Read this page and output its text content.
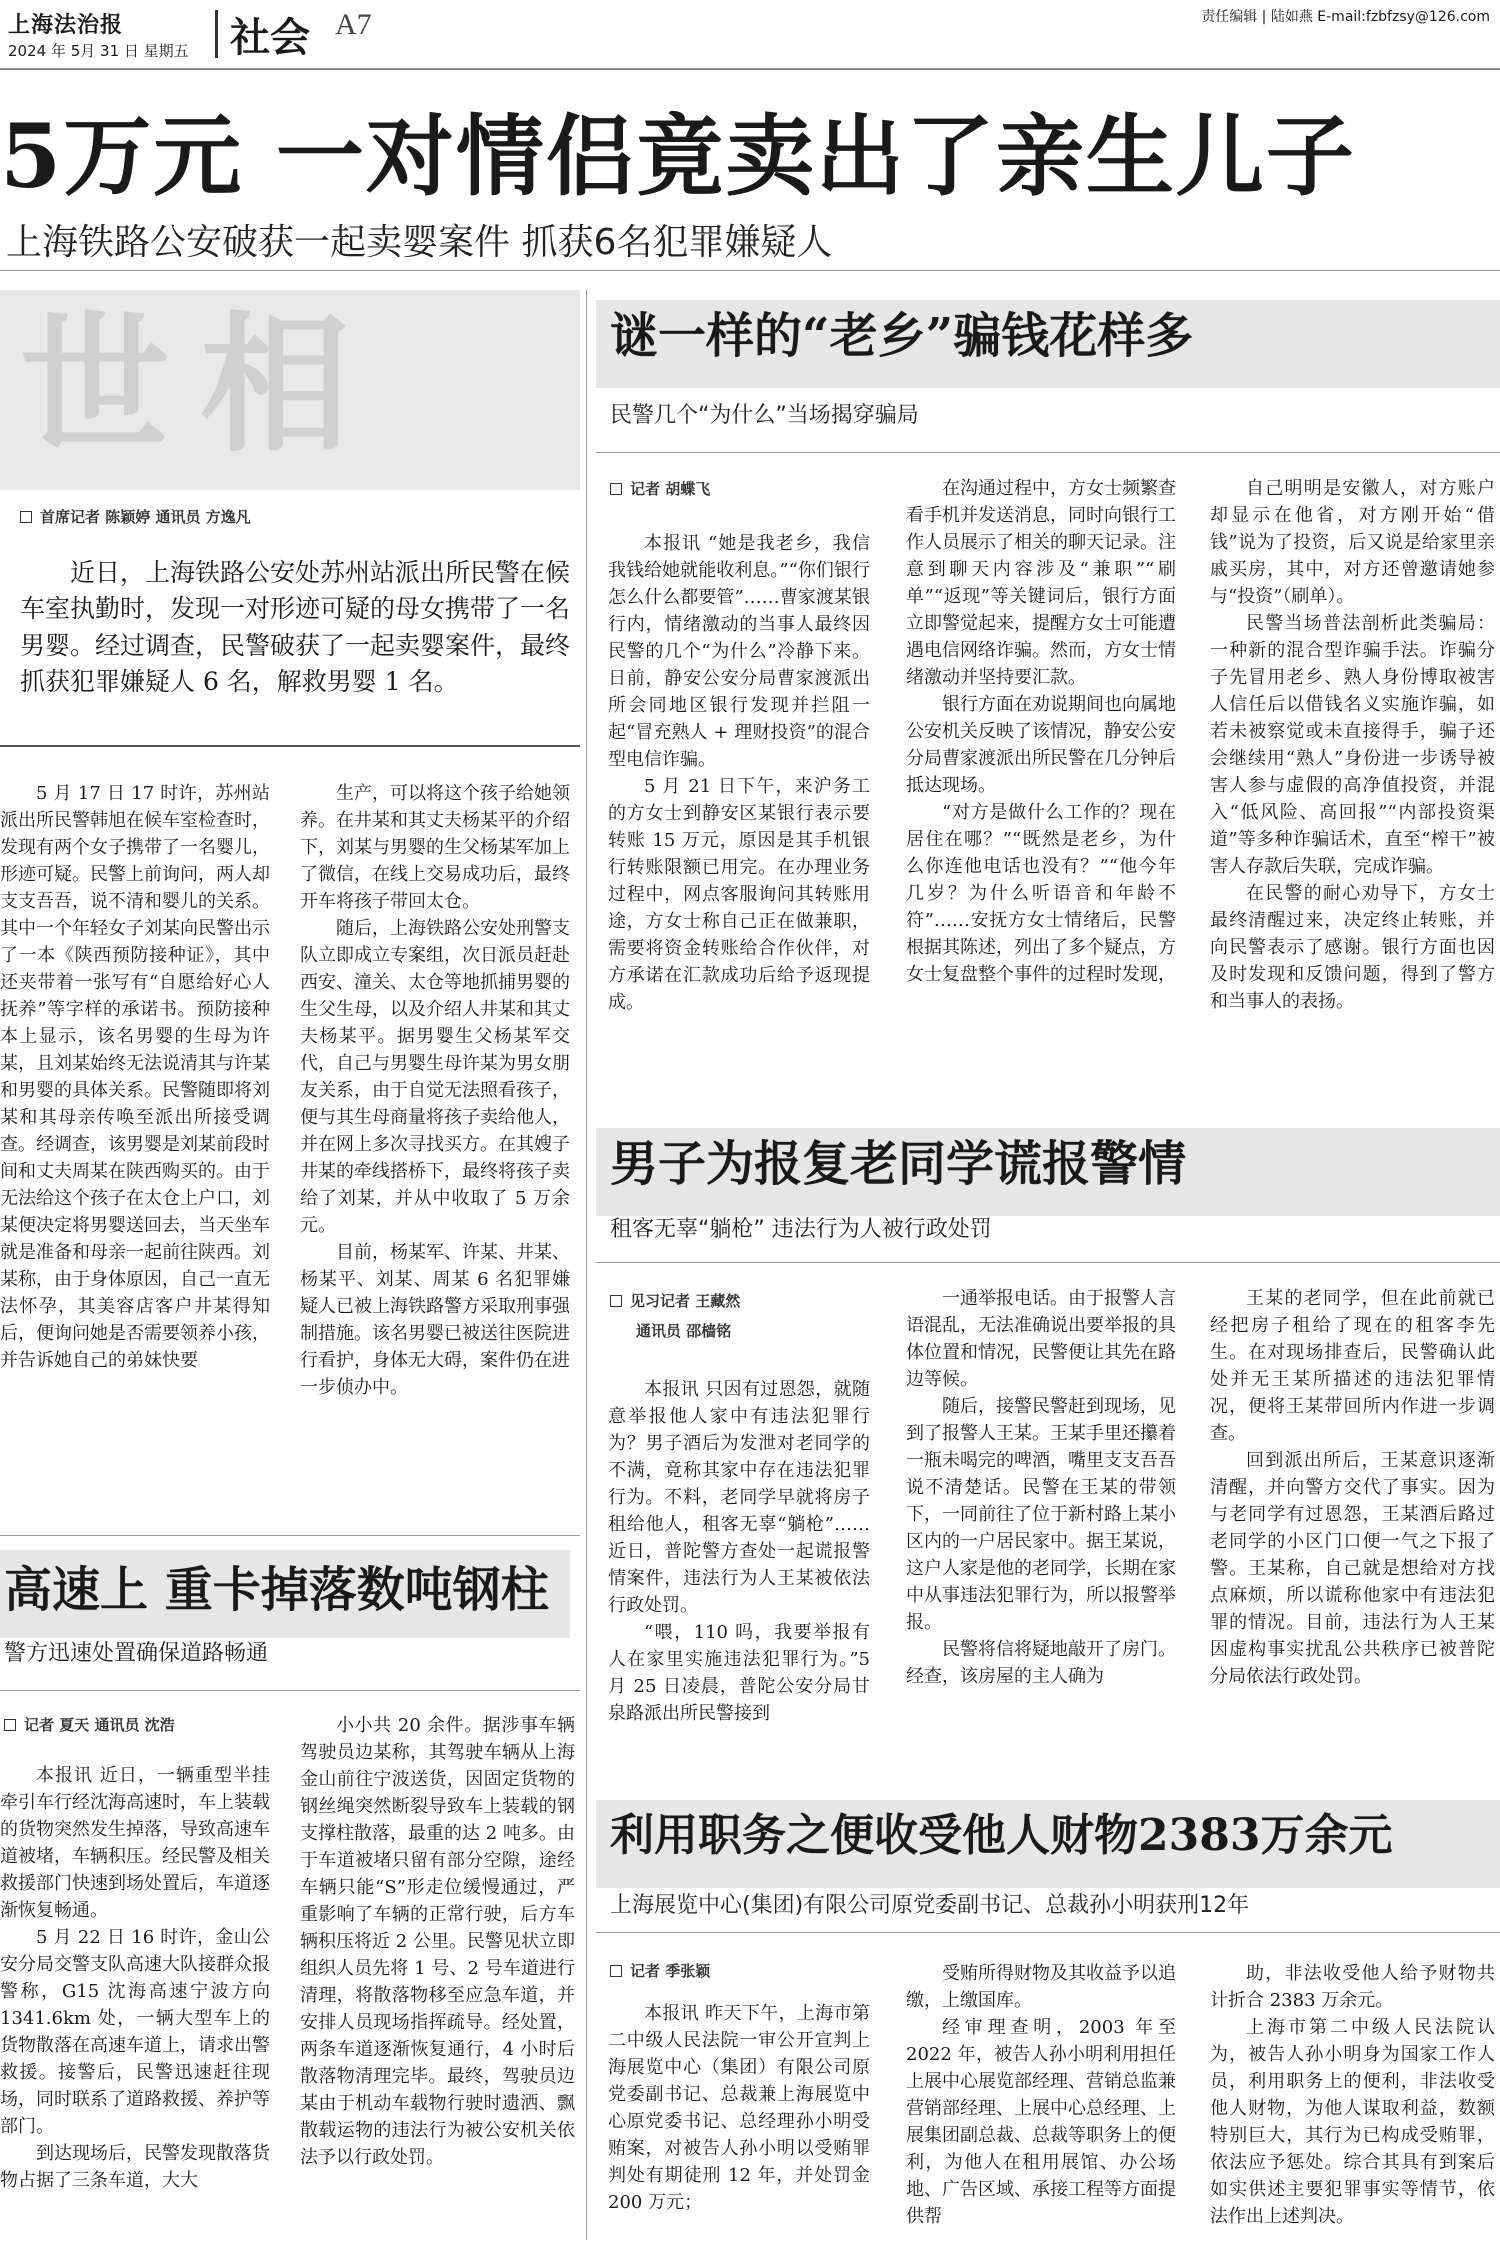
上海法治报
2024 年 5月 31 日 星期五 社会 A7	责任编辑 | 陆如燕 E-mail:fzbfzsy@126.com
5万元 一对情侣竟卖出了亲生儿子
上海铁路公安破获一起卖婴案件 抓获6名犯罪嫌疑人
世相
首席记者 陈颖婷 通讯员 方逸凡
近日，上海铁路公安处苏州站派出所民警在候车室执勤时，发现一对形迹可疑的母女携带了一名男婴。经过调查，民警破获了一起卖婴案件，最终抓获犯罪嫌疑人 6 名，解救男婴 1 名。

5 月 17 日 17 时许，苏州站派出所民警韩旭在候车室检查时，发现有两个女子携带了一名婴儿，形迹可疑。民警上前询问，两人却支支吾吾，说不清和婴儿的关系。其中一个年轻女子刘某向民警出示了一本《陕西预防接种证》，其中还夹带着一张写有“自愿给好心人抚养”等字样的承诺书。预防接种本上显示，该名男婴的生母为许某，且刘某始终无法说清其与许某和男婴的具体关系。民警随即将刘某和其母亲传唤至派出所接受调查。经调查，该男婴是刘某前段时间和丈夫周某在陕西购买的。由于无法给这个孩子在太仓上户口，刘某便决定将男婴送回去，当天坐车就是准备和母亲一起前往陕西。刘某称，由于身体原因，自己一直无法怀孕，其美容店客户井某得知后，便询问她是否需要领养小孩，并告诉她自己的弟妹快要

生产，可以将这个孩子给她领养。在井某和其丈夫杨某平的介绍下，刘某与男婴的生父杨某军加上了微信，在线上交易成功后，最终开车将孩子带回太仓。

随后，上海铁路公安处刑警支队立即成立专案组，次日派员赶赴西安、潼关、太仓等地抓捕男婴的生父生母，以及介绍人井某和其丈夫杨某平。据男婴生父杨某军交代，自己与男婴生母许某为男女朋友关系，由于自觉无法照看孩子，便与其生母商量将孩子卖给他人，并在网上多次寻找买方。在其嫂子井某的牵线搭桥下，最终将孩子卖给了刘某，并从中收取了 5 万余元。

目前，杨某军、许某、井某、杨某平、刘某、周某 6 名犯罪嫌疑人已被上海铁路警方采取刑事强制措施。该名男婴已被送往医院进行看护，身体无大碍，案件仍在进一步侦办中。

谜一样的“老乡”骗钱花样多
民警几个“为什么”当场揭穿骗局
记者 胡蝶飞

本报讯 “她是我老乡，我信我钱给她就能收利息。”“你们银行怎么什么都要管”……曹家渡某银行内，情绪激动的当事人最终因民警的几个“为什么”冷静下来。日前，静安公安分局曹家渡派出所会同地区银行发现并拦阻一起“冒充熟人 + 理财投资”的混合型电信诈骗。

5 月 21 日下午，来沪务工的方女士到静安区某银行表示要转账 15 万元，原因是其手机银行转账限额已用完。在办理业务过程中，网点客服询问其转账用途，方女士称自己正在做兼职，需要将资金转账给合作伙伴，对方承诺在汇款成功后给予返现提成。

在沟通过程中，方女士频繁查看手机并发送消息，同时向银行工作人员展示了相关的聊天记录。注意到聊天内容涉及“兼职”“刷单”“返现”等关键词后，银行方面立即警觉起来，提醒方女士可能遭遇电信网络诈骗。然而，方女士情绪激动并坚持要汇款。

银行方面在劝说期间也向属地公安机关反映了该情况，静安公安分局曹家渡派出所民警在几分钟后抵达现场。

“对方是做什么工作的？现在居住在哪？”“既然是老乡，为什么你连他电话也没有？”“他今年几岁？为什么听语音和年龄不符”……安抚方女士情绪后，民警根据其陈述，列出了多个疑点，方女士复盘整个事件的过程时发现，

自己明明是安徽人，对方账户却显示在他省，对方刚开始“借钱”说为了投资，后又说是给家里亲戚买房，其中，对方还曾邀请她参与“投资”（刷单）。

民警当场普法剖析此类骗局：一种新的混合型诈骗手法。诈骗分子先冒用老乡、熟人身份博取被害人信任后以借钱名义实施诈骗，如若未被察觉或未直接得手，骗子还会继续用“熟人”身份进一步诱导被害人参与虚假的高净值投资，并混入“低风险、高回报”“内部投资渠道”等多种诈骗话术，直至“榨干”被害人存款后失联，完成诈骗。

在民警的耐心劝导下，方女士最终清醒过来，决定终止转账，并向民警表示了感谢。银行方面也因及时发现和反馈问题，得到了警方和当事人的表扬。

男子为报复老同学谎报警情
租客无辜“躺枪” 违法行为人被行政处罚
见习记者 王藏然
通讯员 邵樯铭

本报讯 只因有过恩怨，就随意举报他人家中有违法犯罪行为？男子酒后为发泄对老同学的不满，竟称其家中存在违法犯罪行为。不料，老同学早就将房子租给他人，租客无辜“躺枪”……近日，普陀警方查处一起谎报警情案件，违法行为人王某被依法行政处罚。

“喂，110 吗，我要举报有人在家里实施违法犯罪行为。”5 月 25 日凌晨，普陀公安分局甘泉路派出所民警接到

一通举报电话。由于报警人言语混乱，无法准确说出要举报的具体位置和情况，民警便让其先在路边等候。

随后，接警民警赶到现场，见到了报警人王某。王某手里还攥着一瓶未喝完的啤酒，嘴里支支吾吾说不清楚话。民警在王某的带领下，一同前往了位于新村路上某小区内的一户居民家中。据王某说，这户人家是他的老同学，长期在家中从事违法犯罪行为，所以报警举报。

民警将信将疑地敲开了房门。经查，该房屋的主人确为

王某的老同学，但在此前就已经把房子租给了现在的租客李先生。在对现场排查后，民警确认此处并无王某所描述的违法犯罪情况，便将王某带回所内作进一步调查。

回到派出所后，王某意识逐渐清醒，并向警方交代了事实。因为与老同学有过恩怨，王某酒后路过老同学的小区门口便一气之下报了警。王某称，自己就是想给对方找点麻烦，所以谎称他家中有违法犯罪的情况。目前，违法行为人王某因虚构事实扰乱公共秩序已被普陀分局依法行政处罚。

利用职务之便收受他人财物2383万余元
上海展览中心(集团)有限公司原党委副书记、总裁孙小明获刑12年
记者 季张颖

本报讯 昨天下午，上海市第二中级人民法院一审公开宣判上海展览中心（集团）有限公司原党委副书记、总裁兼上海展览中心原党委书记、总经理孙小明受贿案，对被告人孙小明以受贿罪判处有期徒刑 12 年，并处罚金 200 万元；

受贿所得财物及其收益予以追缴，上缴国库。

经审理查明，2003 年至 2022 年，被告人孙小明利用担任上展中心展览部经理、营销总监兼营销部经理、上展中心总经理、上展集团副总裁、总裁等职务上的便利，为他人在租用展馆、办公场地、广告区域、承接工程等方面提供帮

助，非法收受他人给予财物共计折合 2383 万余元。

上海市第二中级人民法院认为，被告人孙小明身为国家工作人员，利用职务上的便利，非法收受他人财物，为他人谋取利益，数额特别巨大，其行为已构成受贿罪，依法应予惩处。综合其具有到案后如实供述主要犯罪事实等情节，依法作出上述判决。

高速上 重卡掉落数吨钢柱
警方迅速处置确保道路畅通
记者 夏天 通讯员 沈浩

本报讯 近日，一辆重型半挂牵引车行经沈海高速时，车上装载的货物突然发生掉落，导致高速车道被堵，车辆积压。经民警及相关救援部门快速到场处置后，车道逐渐恢复畅通。

5 月 22 日 16 时许，金山公安分局交警支队高速大队接群众报警称，G15 沈海高速宁波方向 1341.6km 处，一辆大型车上的货物散落在高速车道上，请求出警救援。接警后，民警迅速赶往现场，同时联系了道路救援、养护等部门。

到达现场后，民警发现散落货物占据了三条车道，大大

小小共 20 余件。据涉事车辆驾驶员边某称，其驾驶车辆从上海金山前往宁波送货，因固定货物的钢丝绳突然断裂导致车上装载的钢支撑柱散落，最重的达 2 吨多。由于车道被堵只留有部分空隙，途经车辆只能“S”形走位缓慢通过，严重影响了车辆的正常行驶，后方车辆积压将近 2 公里。民警见状立即组织人员先将 1 号、2 号车道进行清理，将散落物移至应急车道，并安排人员现场指挥疏导。经处置，两条车道逐渐恢复通行，4 小时后散落物清理完毕。最终，驾驶员边某由于机动车载物行驶时遗洒、飘散载运物的违法行为被公安机关依法予以行政处罚。
